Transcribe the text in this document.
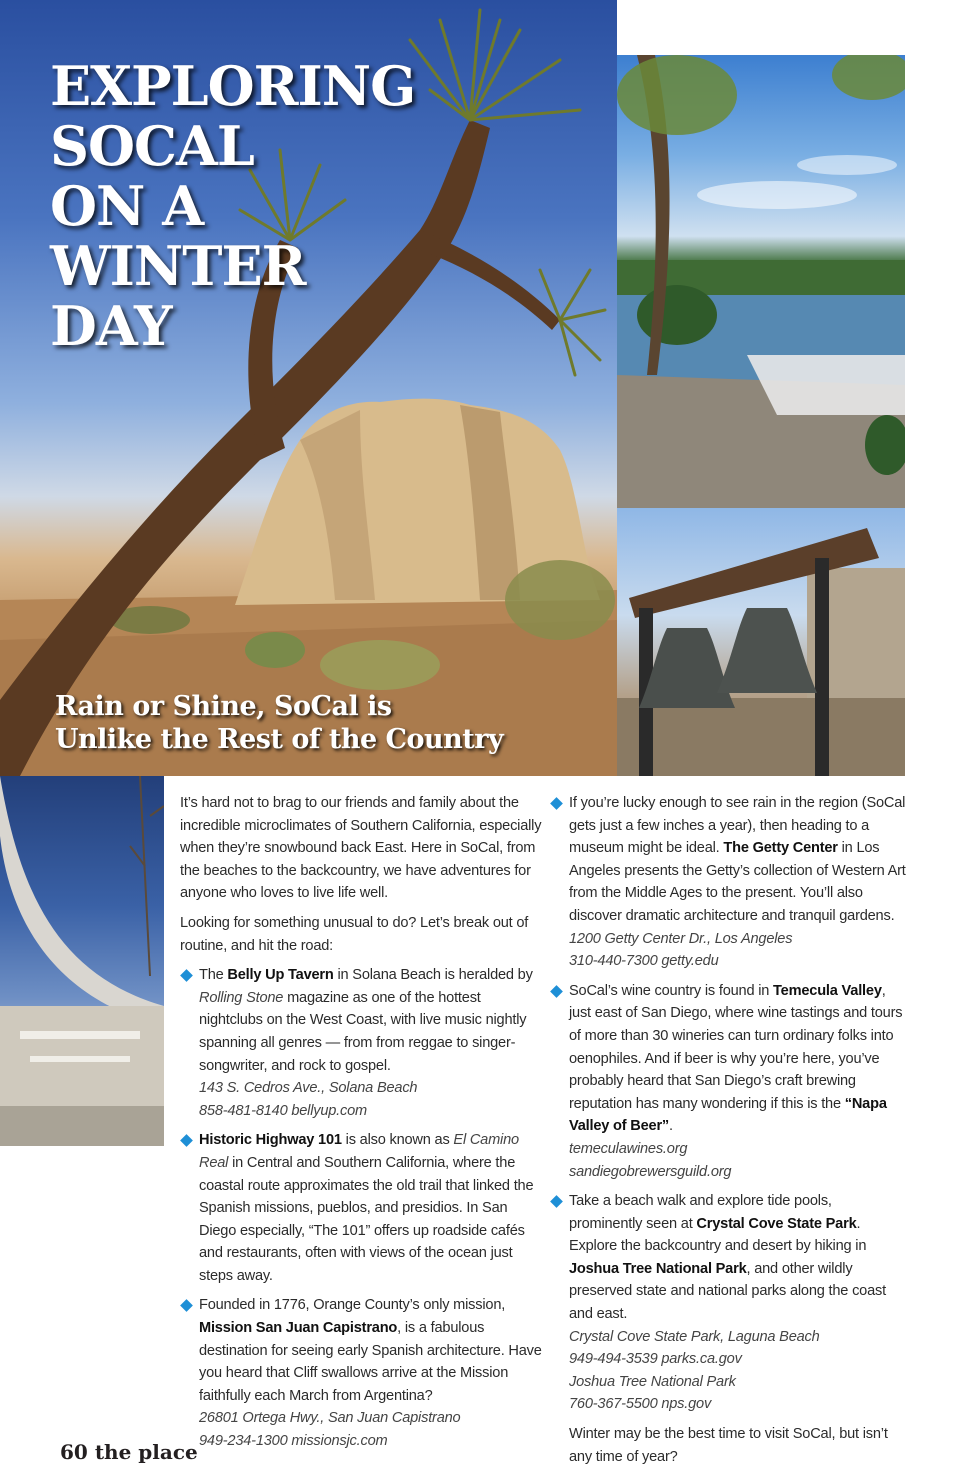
EXPLORING
SOCAL
ON A
WINTER
DAY
Rain or Shine, SoCal is
Unlike the Rest of the Country

It’s hard not to brag to our friends and family about the incredible microclimates of Southern California, especially when they’re snowbound back East. Here in SoCal, from the beaches to the backcountry, we have adventures for anyone who loves to live life well.

Looking for something unusual to do? Let’s break out of routine, and hit the road:

The Belly Up Tavern in Solana Beach is heralded by Rolling Stone magazine as one of the hottest nightclubs on the West Coast, with live music nightly spanning all genres — from from reggae to singer-songwriter, and rock to gospel.

143 S. Cedros Ave., Solana Beach

858-481-8140 bellyup.com

Historic Highway 101 is also known as El Camino Real in Central and Southern California, where the coastal route approximates the old trail that linked the Spanish missions, pueblos, and presidios. In San Diego especially, “The 101” offers up roadside cafés and restaurants, often with views of the ocean just steps away.

Founded in 1776, Orange County’s only mission, Mission San Juan Capistrano, is a fabulous destination for seeing early Spanish architecture. Have you heard that Cliff swallows arrive at the Mission faithfully each March from Argentina?

26801 Ortega Hwy., San Juan Capistrano

949-234-1300 missionsjc.com

If you’re lucky enough to see rain in the region (SoCal gets just a few inches a year), then heading to a museum might be ideal. The Getty Center in Los Angeles presents the Getty’s collection of Western Art from the Middle Ages to the present. You’ll also discover dramatic architecture and tranquil gardens.

1200 Getty Center Dr., Los Angeles

310-440-7300 getty.edu

SoCal’s wine country is found in Temecula Valley, just east of San Diego, where wine tastings and tours of more than 30 wineries can turn ordinary folks into oenophiles. And if beer is why you’re here, you’ve probably heard that San Diego’s craft brewing reputation has many wondering if this is the “Napa Valley of Beer”.

temeculawines.org

sandiegobrewersguild.org

Take a beach walk and explore tide pools, prominently seen at Crystal Cove State Park. Explore the backcountry and desert by hiking in Joshua Tree National Park, and other wildly preserved state and national parks along the coast and east.

Crystal Cove State Park, Laguna Beach

949-494-3539 parks.ca.gov

Joshua Tree National Park

760-367-5500 nps.gov

Winter may be the best time to visit SoCal, but isn’t any time of year?

60 the place
